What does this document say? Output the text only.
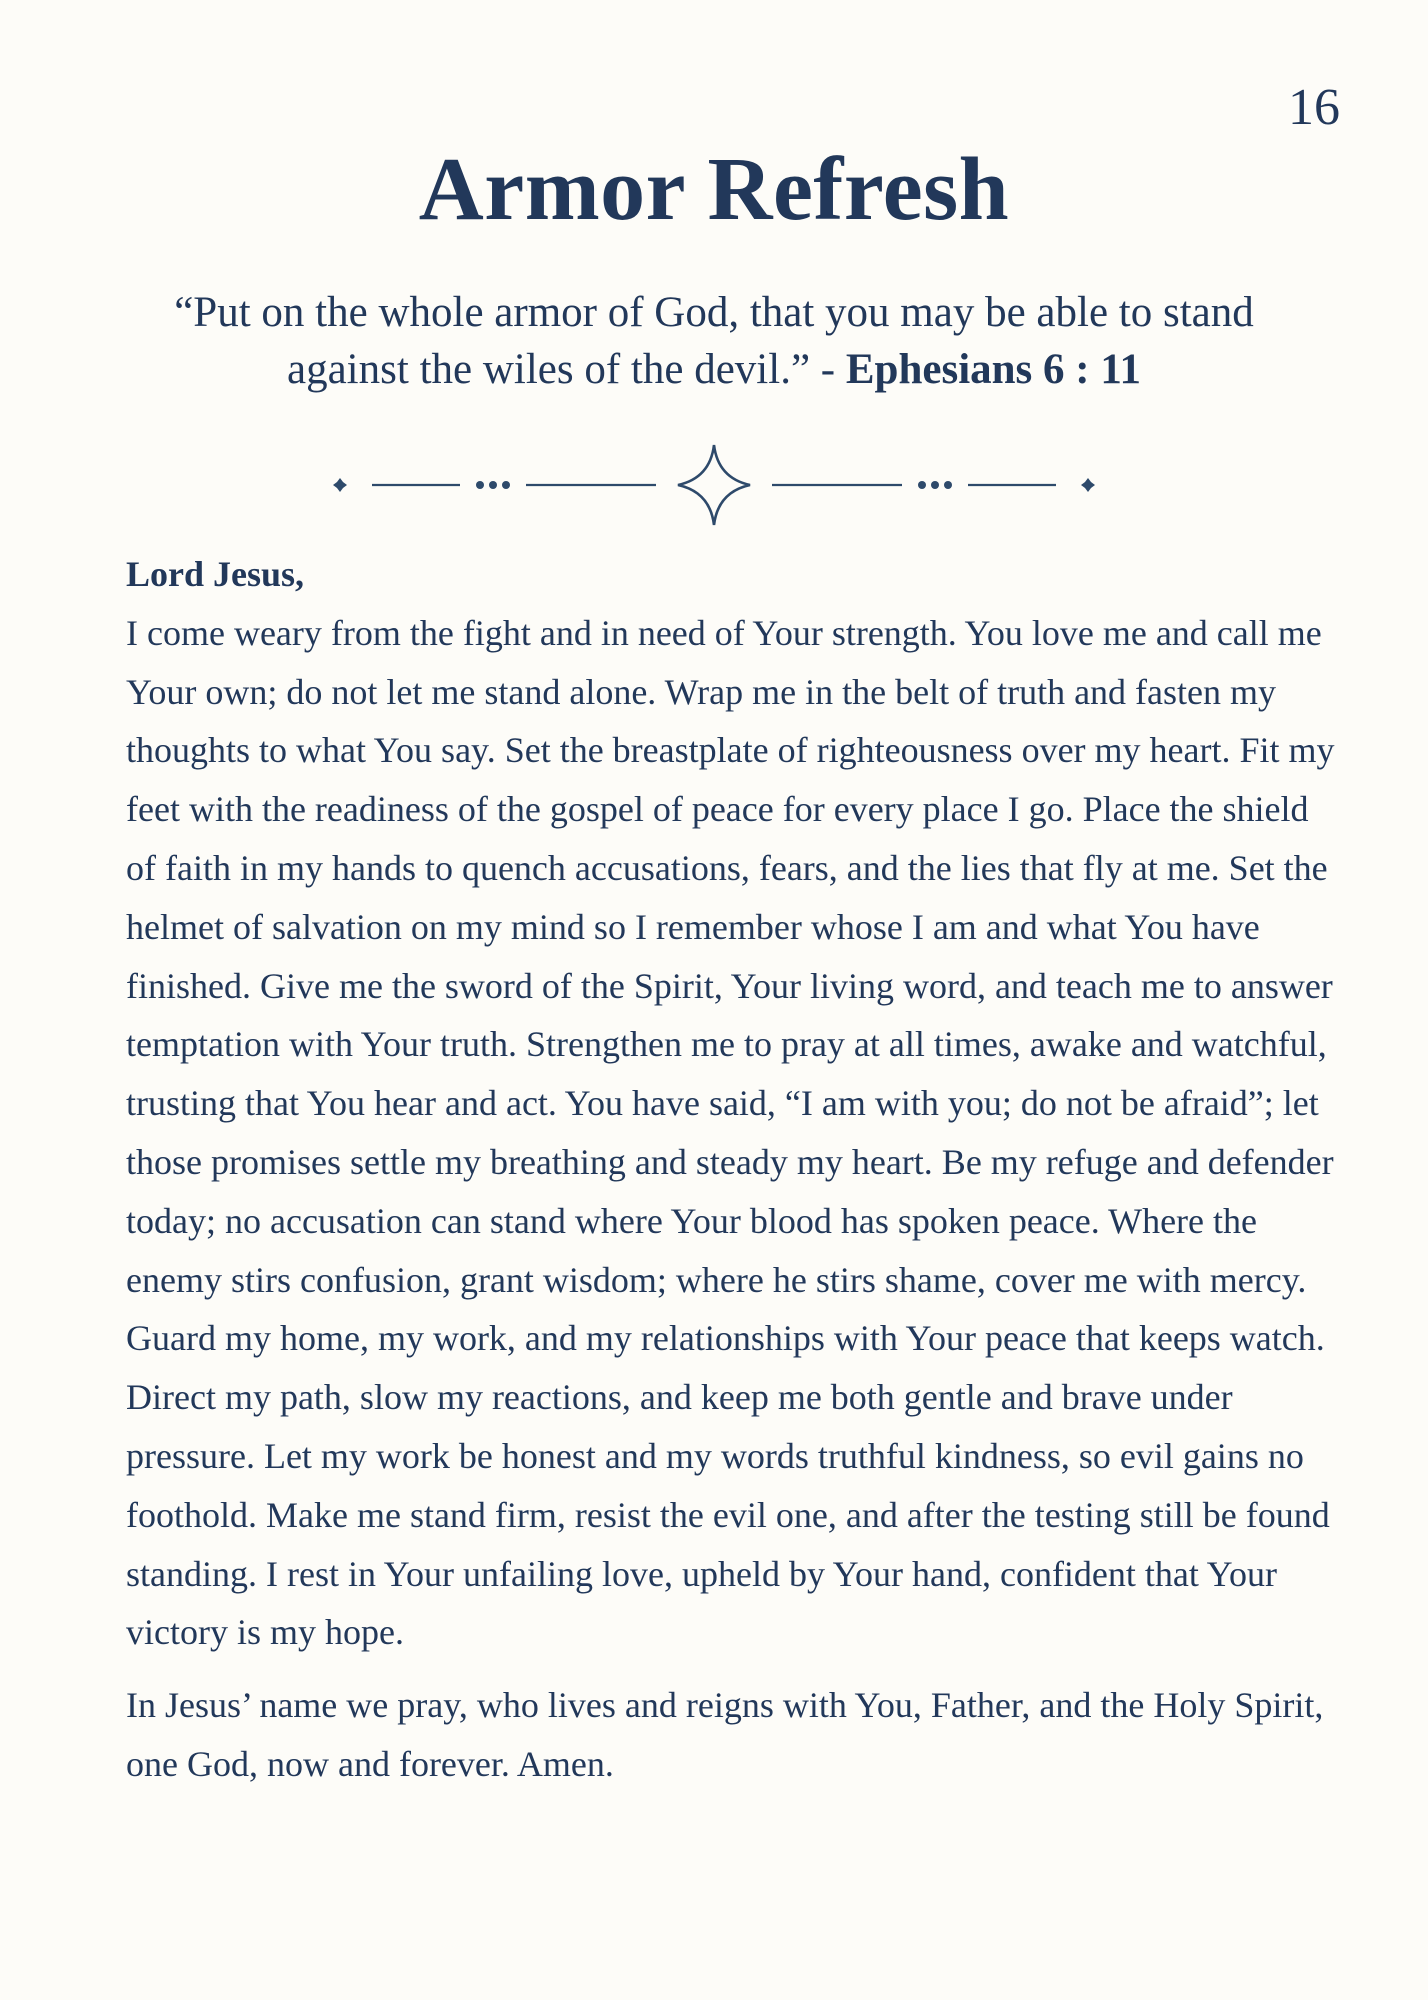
16
Armor Refresh

“Put on the whole armor of God, that you may be able to stand against the wiles of the devil.” - Ephesians 6 : 11

Lord Jesus,

I come weary from the fight and in need of Your strength. You love me and call me Your own; do not let me stand alone. Wrap me in the belt of truth and fasten my thoughts to what You say. Set the breastplate of righteousness over my heart. Fit my feet with the readiness of the gospel of peace for every place I go. Place the shield of faith in my hands to quench accusations, fears, and the lies that fly at me. Set the helmet of salvation on my mind so I remember whose I am and what You have finished. Give me the sword of the Spirit, Your living word, and teach me to answer temptation with Your truth. Strengthen me to pray at all times, awake and watchful, trusting that You hear and act. You have said, “I am with you; do not be afraid”; let those promises settle my breathing and steady my heart. Be my refuge and defender today; no accusation can stand where Your blood has spoken peace. Where the enemy stirs confusion, grant wisdom; where he stirs shame, cover me with mercy. Guard my home, my work, and my relationships with Your peace that keeps watch. Direct my path, slow my reactions, and keep me both gentle and brave under pressure. Let my work be honest and my words truthful kindness, so evil gains no foothold. Make me stand firm, resist the evil one, and after the testing still be found standing. I rest in Your unfailing love, upheld by Your hand, confident that Your victory is my hope.

In Jesus’ name we pray, who lives and reigns with You, Father, and the Holy Spirit, one God, now and forever. Amen.
